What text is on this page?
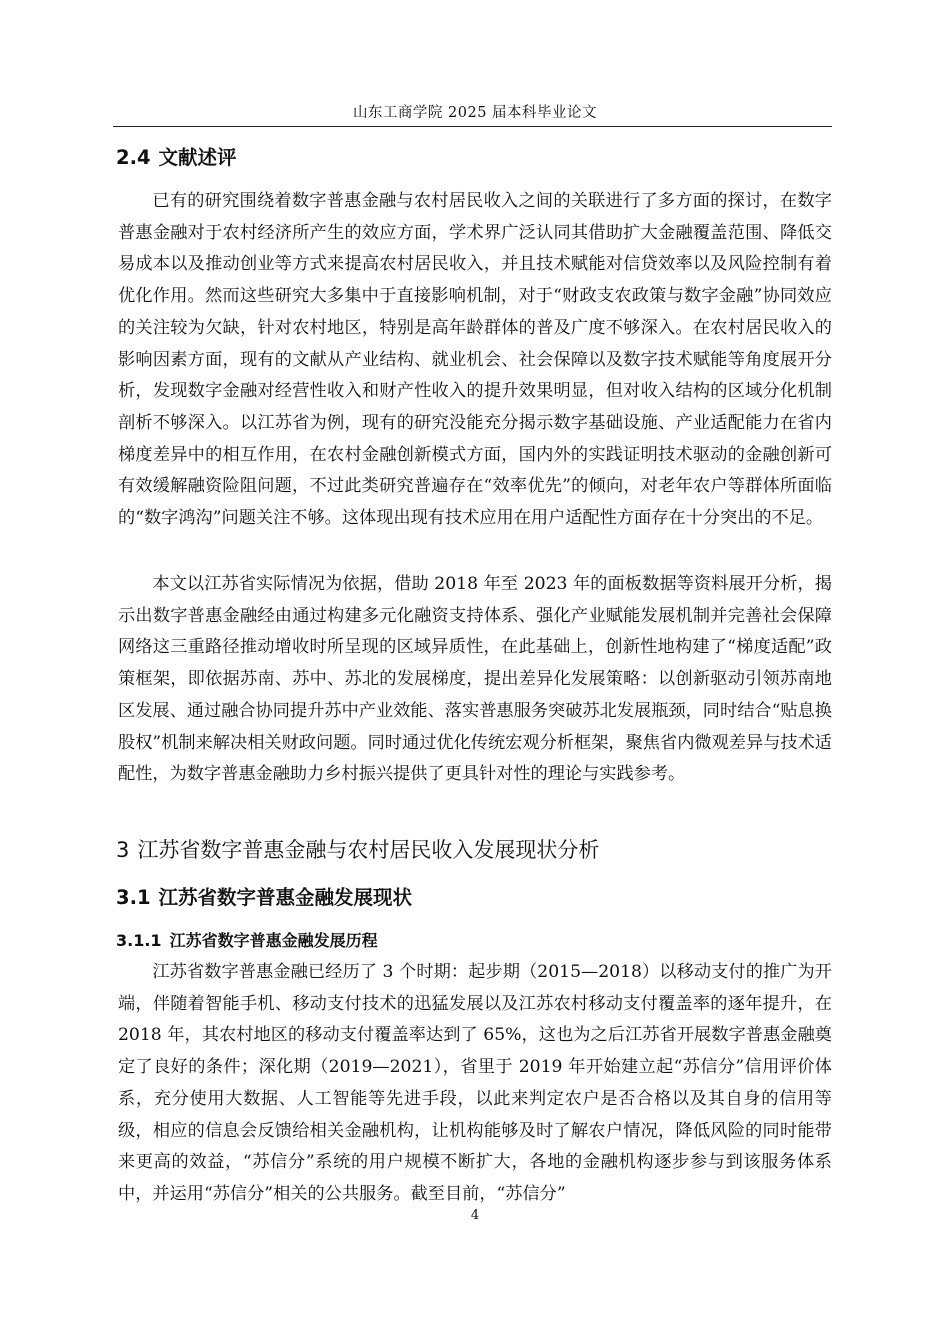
山东工商学院 2025 届本科毕业论文
2.4 文献述评

已有的研究围绕着数字普惠金融与农村居民收入之间的关联进行了多方面的探讨，在数字普惠金融对于农村经济所产生的效应方面，学术界广泛认同其借助扩大金融覆盖范围、降低交易成本以及推动创业等方式来提高农村居民收入，并且技术赋能对信贷效率以及风险控制有着优化作用。然而这些研究大多集中于直接影响机制，对于“财政支农政策与数字金融”协同效应的关注较为欠缺，针对农村地区，特别是高年龄群体的普及广度不够深入。在农村居民收入的影响因素方面，现有的文献从产业结构、就业机会、社会保障以及数字技术赋能等角度展开分析，发现数字金融对经营性收入和财产性收入的提升效果明显，但对收入结构的区域分化机制剖析不够深入。以江苏省为例，现有的研究没能充分揭示数字基础设施、产业适配能力在省内梯度差异中的相互作用，在农村金融创新模式方面，国内外的实践证明技术驱动的金融创新可有效缓解融资险阻问题，不过此类研究普遍存在“效率优先”的倾向，对老年农户等群体所面临的“数字鸿沟”问题关注不够。这体现出现有技术应用在用户适配性方面存在十分突出的不足。

本文以江苏省实际情况为依据，借助 2018 年至 2023 年的面板数据等资料展开分析，揭示出数字普惠金融经由通过构建多元化融资支持体系、强化产业赋能发展机制并完善社会保障网络这三重路径推动增收时所呈现的区域异质性，在此基础上，创新性地构建了“梯度适配”政策框架，即依据苏南、苏中、苏北的发展梯度，提出差异化发展策略：以创新驱动引领苏南地区发展、通过融合协同提升苏中产业效能、落实普惠服务突破苏北发展瓶颈，同时结合“贴息换股权”机制来解决相关财政问题。同时通过优化传统宏观分析框架，聚焦省内微观差异与技术适配性，为数字普惠金融助力乡村振兴提供了更具针对性的理论与实践参考。

3 江苏省数字普惠金融与农村居民收入发展现状分析
3.1 江苏省数字普惠金融发展现状
3.1.1 江苏省数字普惠金融发展历程

江苏省数字普惠金融已经历了 3 个时期：起步期（2015—2018）以移动支付的推广为开端，伴随着智能手机、移动支付技术的迅猛发展以及江苏农村移动支付覆盖率的逐年提升，在 2018 年，其农村地区的移动支付覆盖率达到了 65%，这也为之后江苏省开展数字普惠金融奠定了良好的条件；深化期（2019—2021），省里于 2019 年开始建立起“苏信分”信用评价体系，充分使用大数据、人工智能等先进手段，以此来判定农户是否合格以及其自身的信用等级，相应的信息会反馈给相关金融机构，让机构能够及时了解农户情况，降低风险的同时能带来更高的效益，“苏信分”系统的用户规模不断扩大，各地的金融机构逐步参与到该服务体系中，并运用“苏信分”相关的公共服务。截至目前，“苏信分”

4
